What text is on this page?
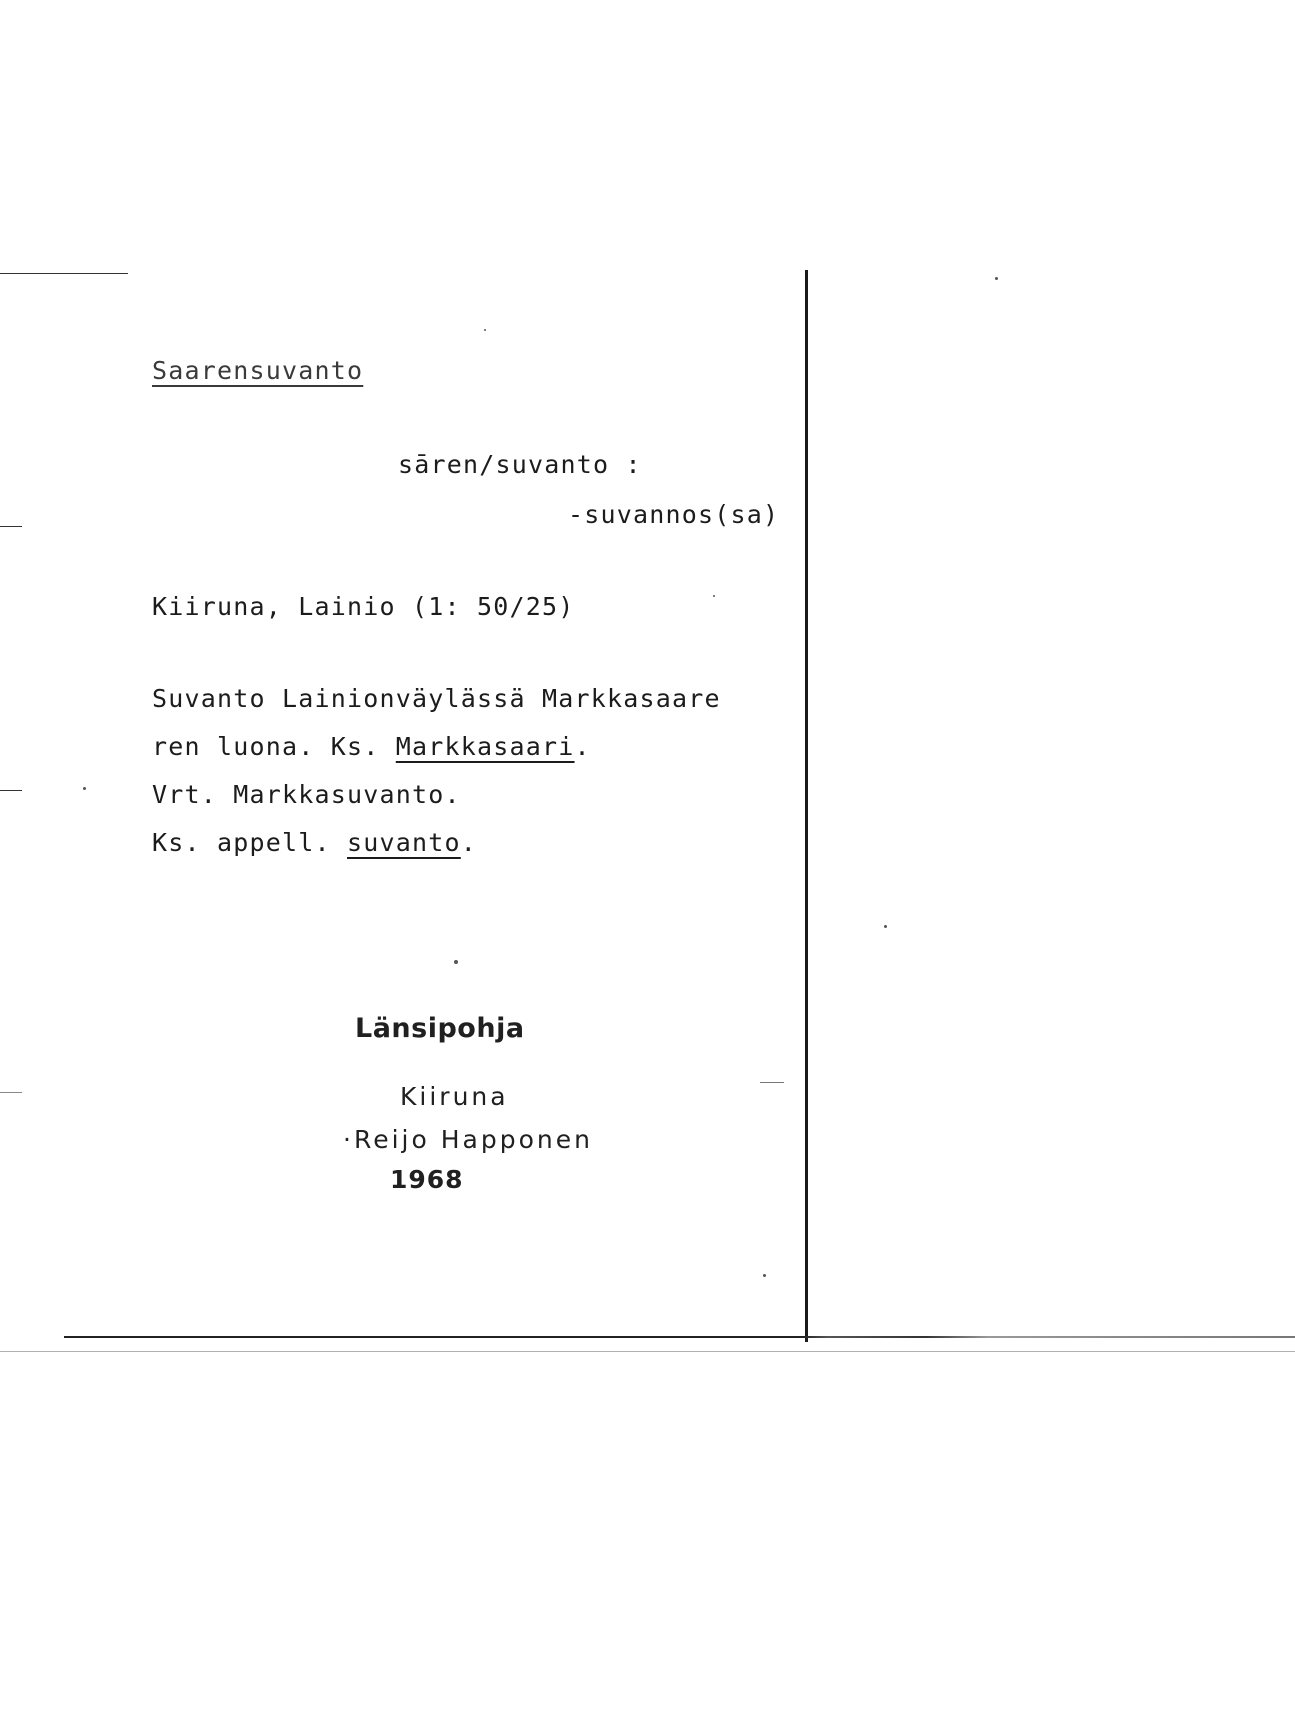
Saarensuvanto
sāren/suvanto :
-suvannos(sa)
Kiiruna, Lainio (1: 50/25)
Suvanto Lainionväylässä Markkasaare
ren luona. Ks. Markkasaari.
Vrt. Markkasuvanto.
Ks. appell. suvanto.
Länsipohja
Kiiruna
·Reijo Happonen
1968
